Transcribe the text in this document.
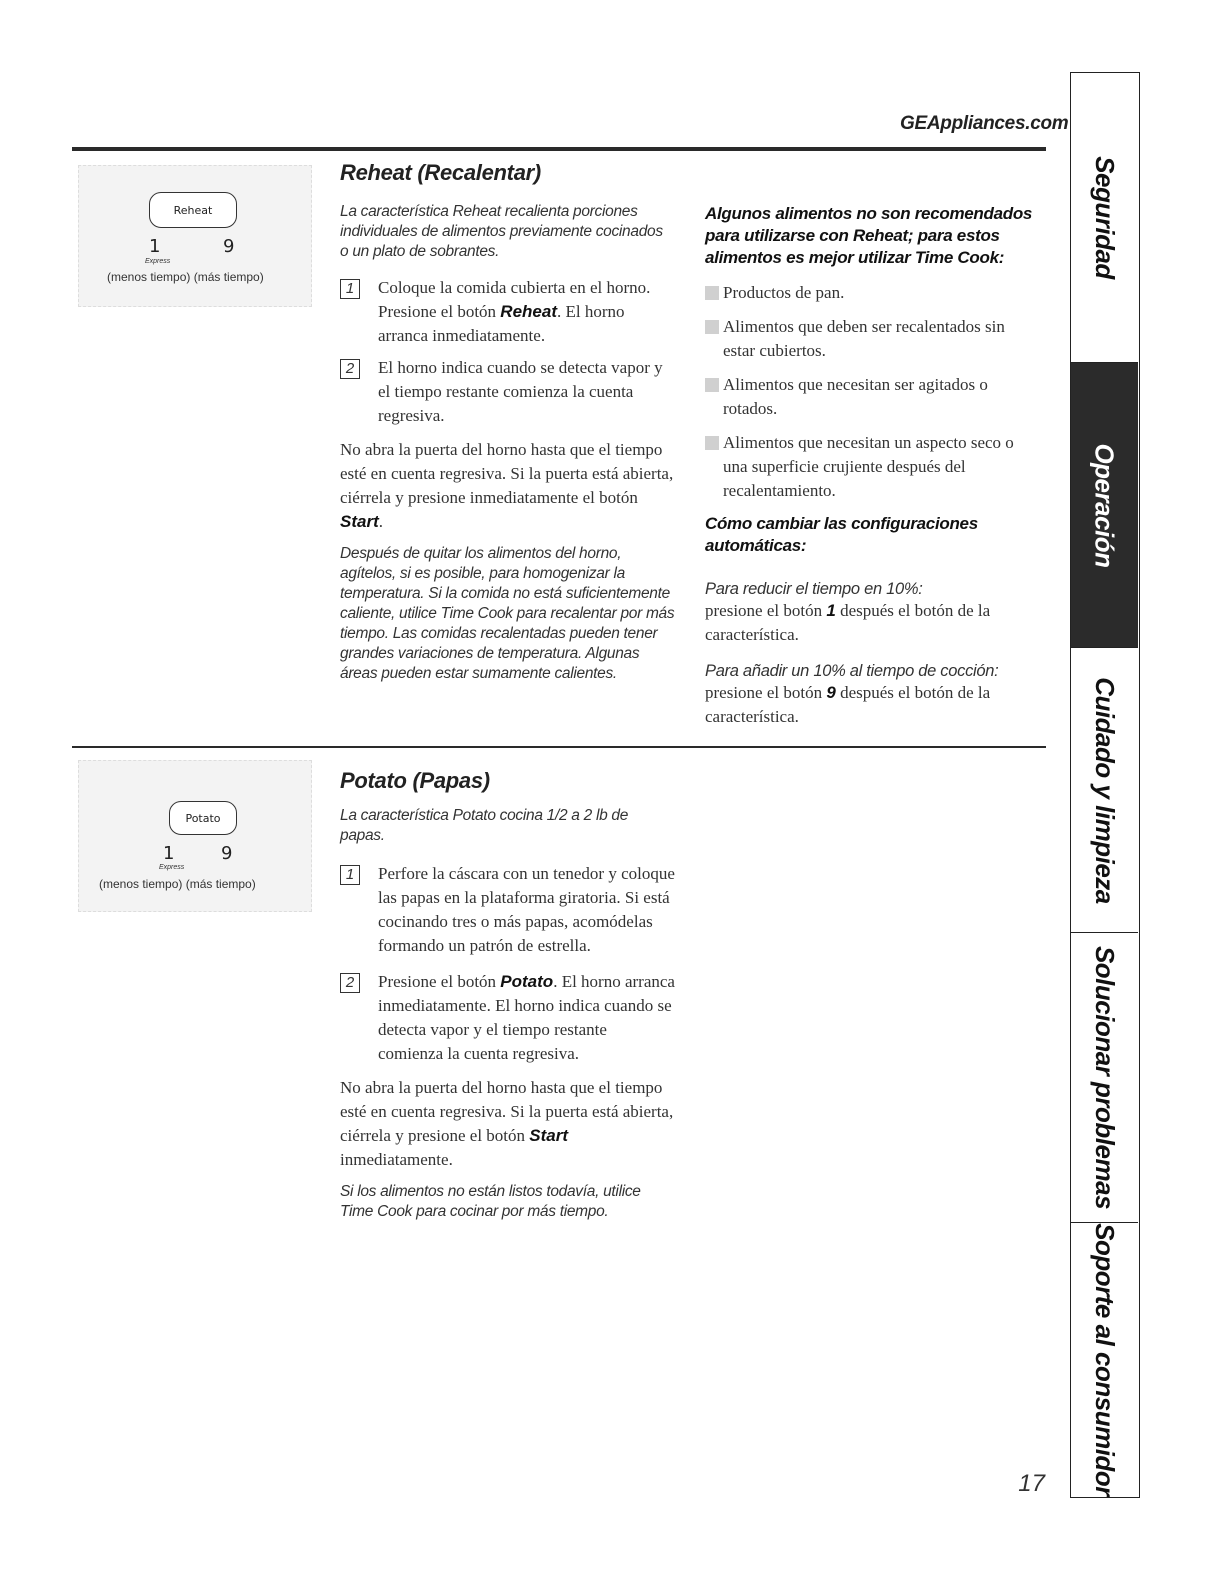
GEAppliances.com
Reheat
1
Express
9
(menos tiempo) (más tiempo)
Reheat (Recalentar)
La característica Reheat recalienta porciones individuales de alimentos previamente cocinados o un plato de sobrantes.
1	Coloque la comida cubierta en el horno. Presione el botón Reheat. El horno arranca inmediatamente.
2	El horno indica cuando se detecta vapor y el tiempo restante comienza la cuenta regresiva.
No abra la puerta del horno hasta que el tiempo esté en cuenta regresiva. Si la puerta está abierta, ciérrela y presione inmediatamente el botón Start.
Después de quitar los alimentos del horno, agítelos, si es posible, para homogenizar la temperatura. Si la comida no está suficientemente caliente, utilice Time Cook para recalentar por más tiempo. Las comidas recalentadas pueden tener grandes variaciones de temperatura. Algunas áreas pueden estar sumamente calientes.
Algunos alimentos no son recomendados para utilizarse con Reheat; para estos alimentos es mejor utilizar Time Cook:
Productos de pan.
Alimentos que deben ser recalentados sin estar cubiertos.
Alimentos que necesitan ser agitados o rotados.
Alimentos que necesitan un aspecto seco o una superficie crujiente después del recalentamiento.
Cómo cambiar las configuraciones automáticas:
Para reducir el tiempo en 10%:
presione el botón 1 después el botón de la característica.
Para añadir un 10% al tiempo de cocción:
presione el botón 9 después el botón de la característica.
Potato
1
Express
9
(menos tiempo) (más tiempo)
Potato (Papas)
La característica Potato cocina 1/2 a 2 lb de papas.
1	Perfore la cáscara con un tenedor y coloque las papas en la plataforma giratoria. Si está cocinando tres o más papas, acomódelas formando un patrón de estrella.
2	Presione el botón Potato. El horno arranca inmediatamente. El horno indica cuando se detecta vapor y el tiempo restante comienza la cuenta regresiva.
No abra la puerta del horno hasta que el tiempo esté en cuenta regresiva. Si la puerta está abierta, ciérrela y presione el botón Start inmediatamente.
Si los alimentos no están listos todavía, utilice Time Cook para cocinar por más tiempo.
Seguridad
Operación
Cuidado y limpieza
Solucionar problemas
Soporte al consumidor
17
